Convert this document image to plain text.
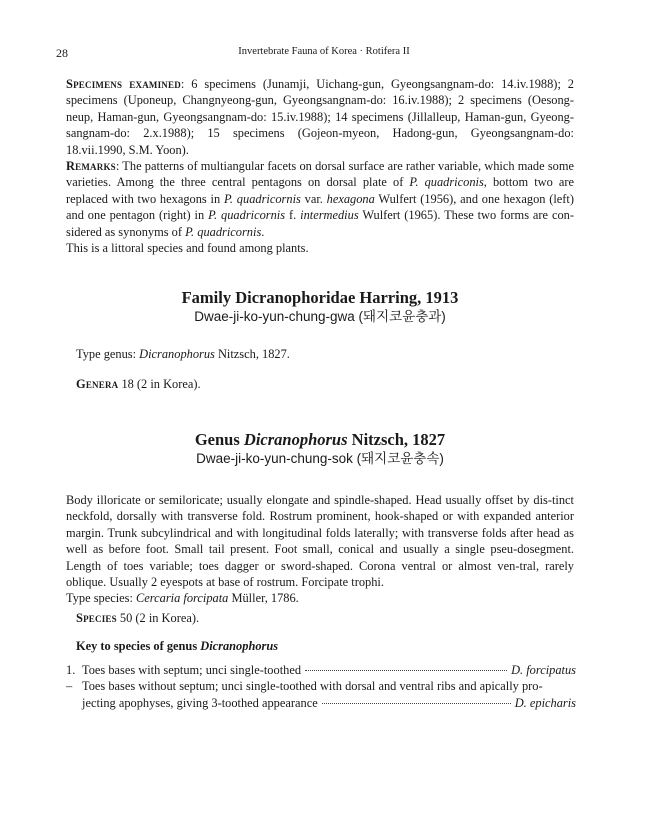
28	Invertebrate Fauna of Korea · Rotifera II

Specimens examined: 6 specimens (Junamji, Uichang-gun, Gyeongsangnam-do: 14.iv.1988); 2 specimens (Uponeup, Changnyeong-gun, Gyeongsangnam-do: 16.iv.1988); 2 specimens (Oesong-neup, Haman-gun, Gyeongsangnam-do: 15.iv.1988); 14 specimens (Jillalleup, Haman-gun, Gyeong-sangnam-do: 2.x.1988); 15 specimens (Gojeon-myeon, Hadong-gun, Gyeongsangnam-do: 18.vii.1990, S.M. Yoon).

Remarks: The patterns of multiangular facets on dorsal surface are rather variable, which made some varieties. Among the three central pentagons on dorsal plate of P. quadriconis, bottom two are replaced with two hexagons in P. quadricornis var. hexagona Wulfert (1956), and one hexagon (left) and one pentagon (right) in P. quadricornis f. intermedius Wulfert (1965). These two forms are con-sidered as synonyms of P. quadricornis.

This is a littoral species and found among plants.

Family Dicranophoridae Harring, 1913
Dwae-ji-ko-yun-chung-gwa (돼지코윤충과)
Type genus: Dicranophorus Nitzsch, 1827.
Genera 18 (2 in Korea).
Genus Dicranophorus Nitzsch, 1827
Dwae-ji-ko-yun-chung-sok (돼지코윤충속)

Body illoricate or semiloricate; usually elongate and spindle-shaped. Head usually offset by dis-tinct neckfold, dorsally with transverse fold. Rostrum prominent, hook-shaped or with expanded anterior margin. Trunk subcylindrical and with longitudinal folds laterally; with transverse folds after head as well as before foot. Small tail present. Foot small, conical and usually a single pseu-dosegment. Length of toes variable; toes dagger or sword-shaped. Corona ventral or almost ven-tral, rarely oblique. Usually 2 eyespots at base of rostrum. Forcipate trophi.

Type species: Cercaria forcipata Müller, 1786.

Species 50 (2 in Korea).
Key to species of genus Dicranophorus
1. Toes bases with septum; unci single-toothed	D. forcipatus
– Toes bases without septum; unci single-toothed with dorsal and ventral ribs and apically pro-
jecting apophyses, giving 3-toothed appearance	D. epicharis
